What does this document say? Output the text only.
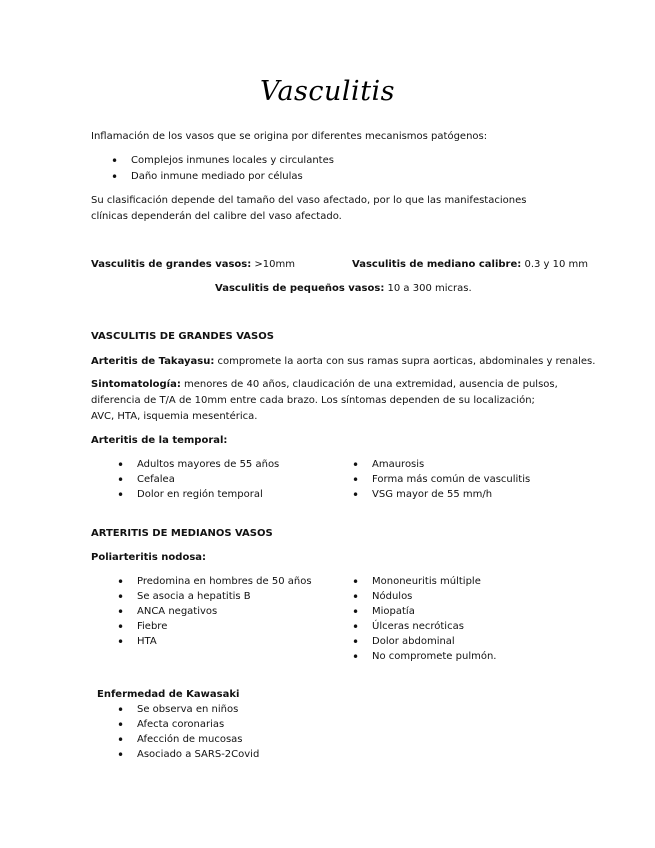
Vasculitis
Inflamación de los vasos que se origina por diferentes mecanismos patógenos:
• Complejos inmunes locales y circulantes
• Daño inmune mediado por células
Su clasificación depende del tamaño del vaso afectado, por lo que las manifestaciones clínicas dependerán del calibre del vaso afectado.
Vasculitis de grandes vasos: >10mm	Vasculitis de mediano calibre: 0.3 y 10 mm
Vasculitis de pequeños vasos: 10 a 300 micras.
VASCULITIS DE GRANDES VASOS
Arteritis de Takayasu: compromete la aorta con sus ramas supra aorticas, abdominales y renales.
Sintomatología: menores de 40 años, claudicación de una extremidad, ausencia de pulsos, diferencia de T/A de 10mm entre cada brazo. Los síntomas dependen de su localización; AVC, HTA, isquemia mesentérica.
Arteritis de la temporal:
• Adultos mayores de 55 años
• Cefalea
• Dolor en región temporal
• Amaurosis
• Forma más común de vasculitis
• VSG mayor de 55 mm/h
ARTERITIS DE MEDIANOS VASOS
Poliarteritis nodosa:
• Predomina en hombres de 50 años
• Se asocia a hepatitis B
• ANCA negativos
• Fiebre
• HTA
• Mononeuritis múltiple
• Nódulos
• Miopatía
• Úlceras necróticas
• Dolor abdominal
• No compromete pulmón.
Enfermedad de Kawasaki
• Se observa en niños
• Afecta coronarias
• Afección de mucosas
• Asociado a SARS-2Covid
